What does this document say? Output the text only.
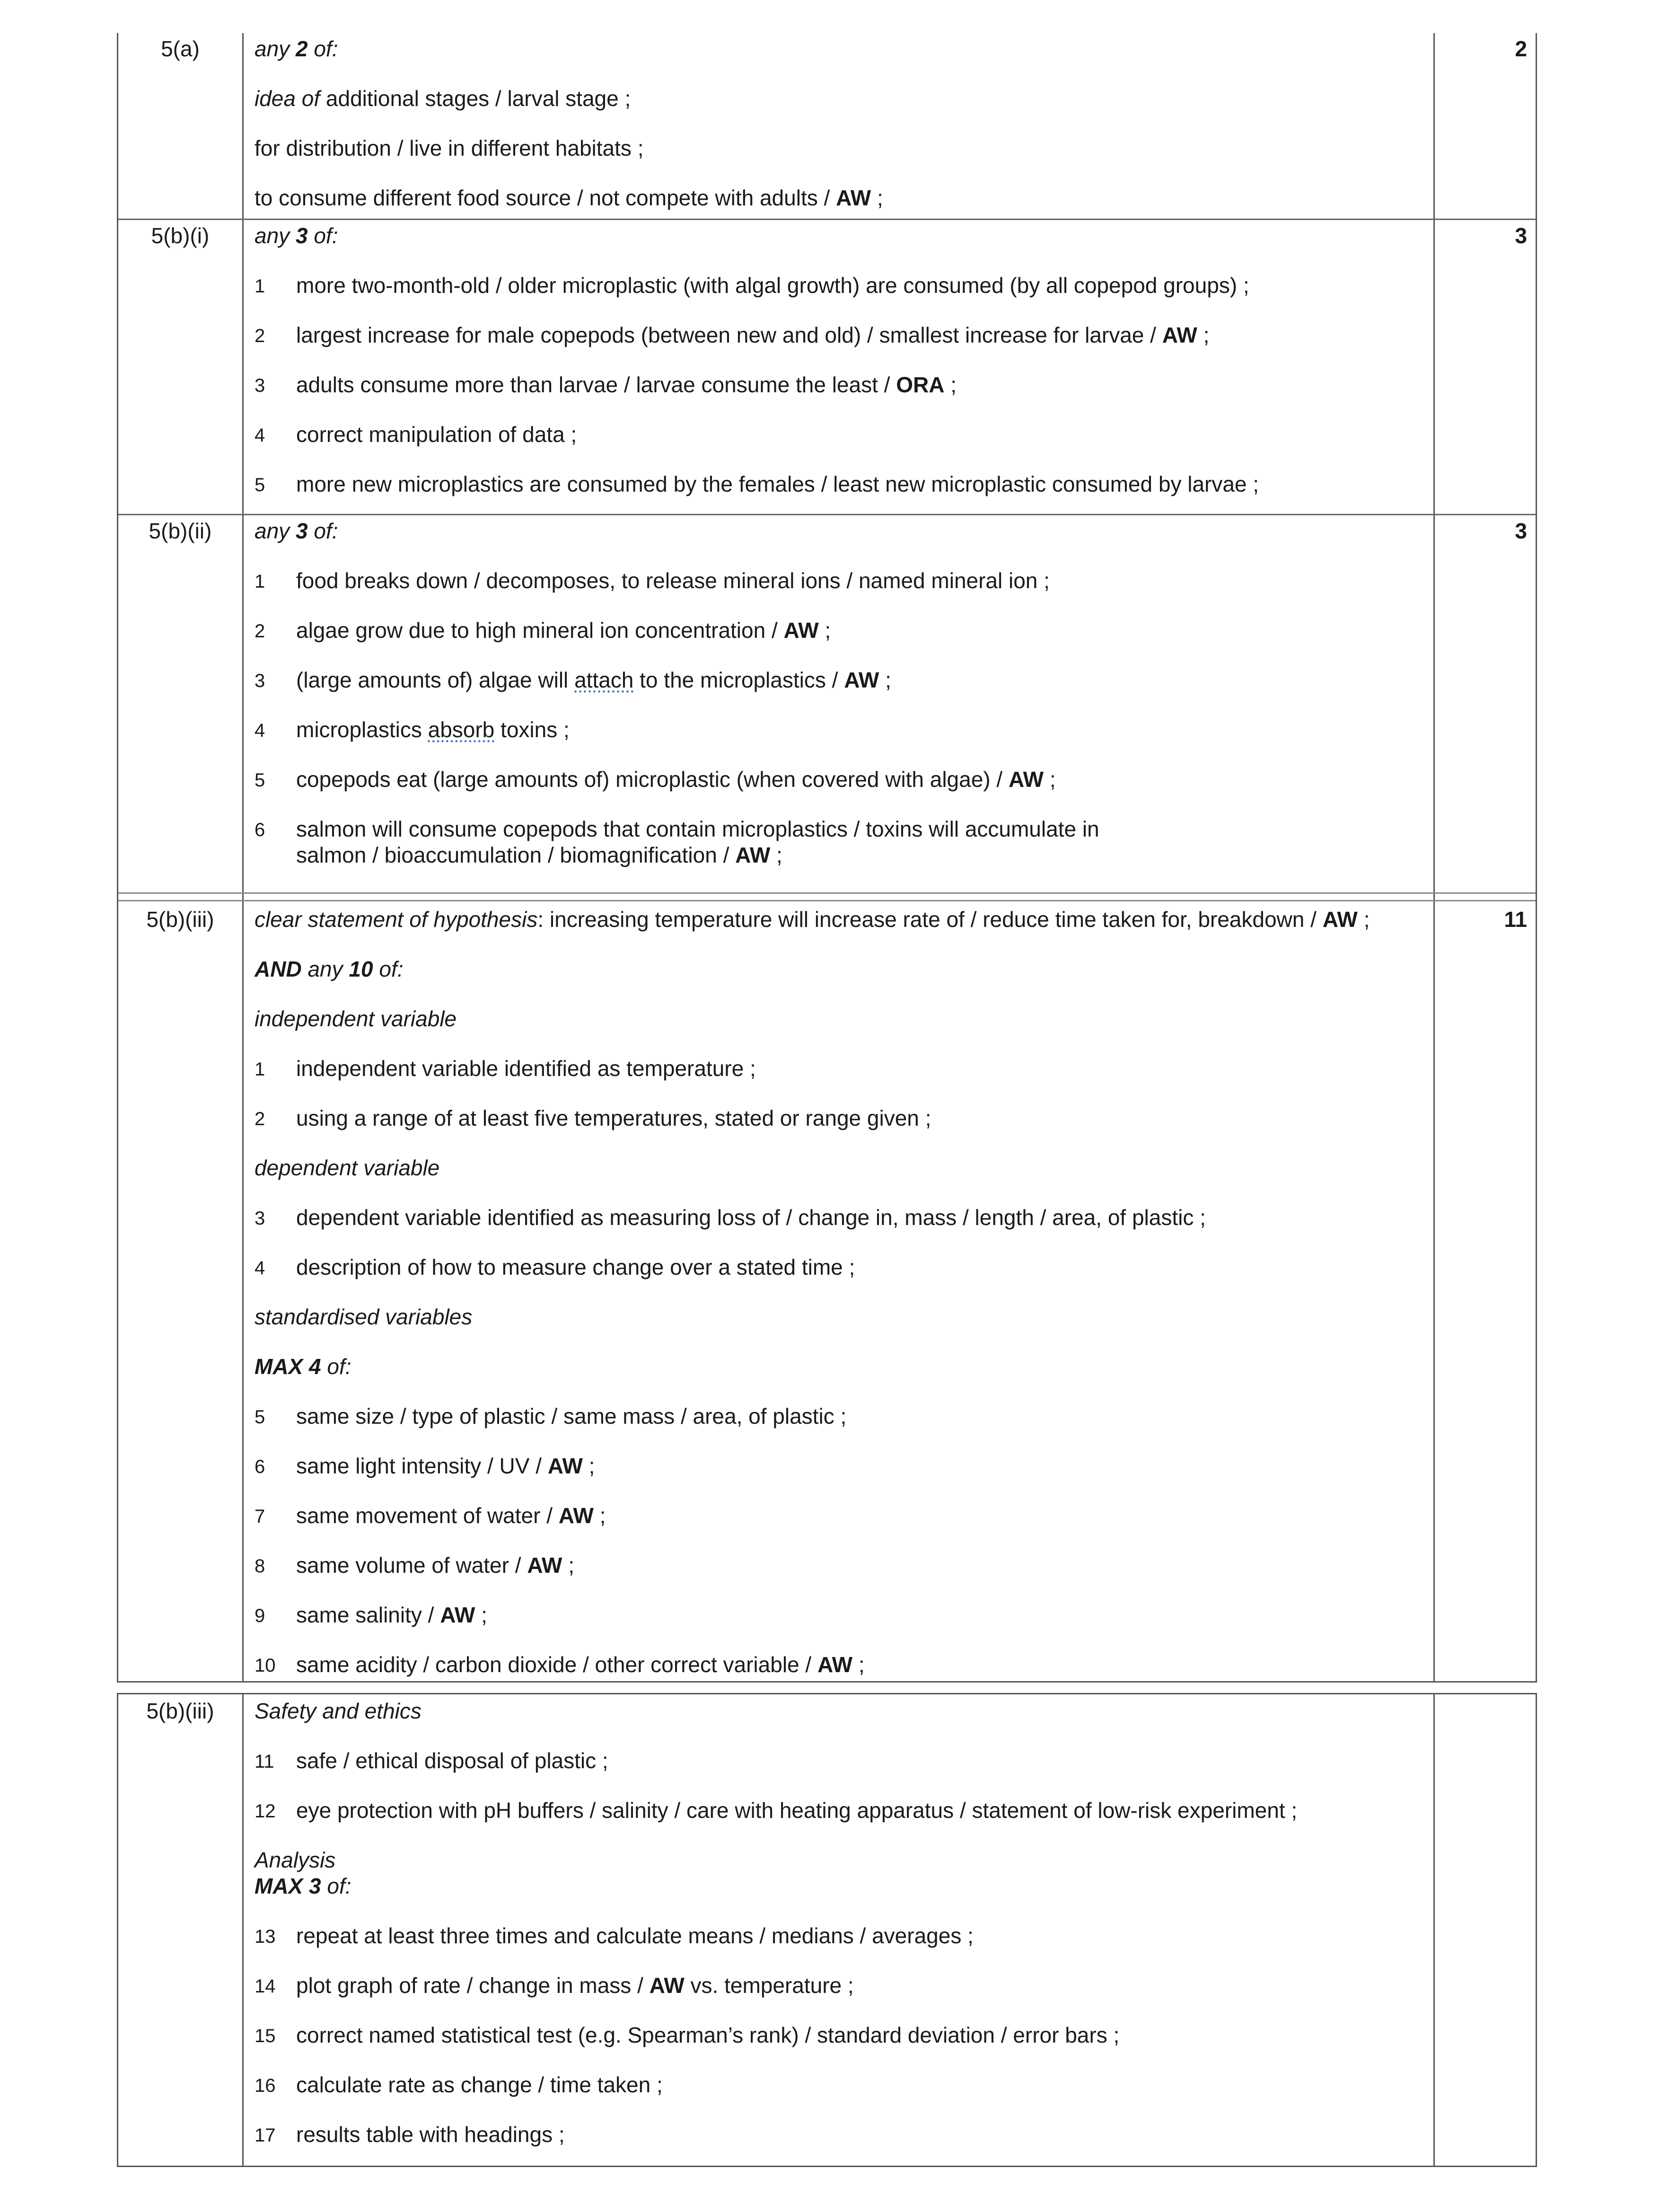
5(a)	2
any 2 of:
idea of additional stages / larval stage ;
for distribution / live in different habitats ;
to consume different food source / not compete with adults / AW ;
5(b)(i)	3
any 3 of:
1 more two-month-old / older microplastic (with algal growth) are consumed (by all copepod groups) ;
2 largest increase for male copepods (between new and old) / smallest increase for larvae / AW ;
3 adults consume more than larvae / larvae consume the least / ORA ;
4 correct manipulation of data ;
5 more new microplastics are consumed by the females / least new microplastic consumed by larvae ;
5(b)(ii)	3
any 3 of:
1 food breaks down / decomposes, to release mineral ions / named mineral ion ;
2 algae grow due to high mineral ion concentration / AW ;
3 (large amounts of) algae will attach to the microplastics / AW ;
4 microplastics absorb toxins ;
5 copepods eat (large amounts of) microplastic (when covered with algae) / AW ;
6 salmon will consume copepods that contain microplastics / toxins will accumulate in
salmon / bioaccumulation / biomagnification / AW ;
5(b)(iii)	11
clear statement of hypothesis: increasing temperature will increase rate of / reduce time taken for, breakdown / AW ;
AND any 10 of:
independent variable
1 independent variable identified as temperature ;
2 using a range of at least five temperatures, stated or range given ;
dependent variable
3 dependent variable identified as measuring loss of / change in, mass / length / area, of plastic ;
4 description of how to measure change over a stated time ;
standardised variables
MAX 4 of:
5 same size / type of plastic / same mass / area, of plastic ;
6 same light intensity / UV / AW ;
7 same movement of water / AW ;
8 same volume of water / AW ;
9 same salinity / AW ;
10 same acidity / carbon dioxide / other correct variable / AW ;
5(b)(iii)	Safety and ethics
11 safe / ethical disposal of plastic ;
12 eye protection with pH buffers / salinity / care with heating apparatus / statement of low-risk experiment ;
Analysis
MAX 3 of:
13 repeat at least three times and calculate means / medians / averages ;
14 plot graph of rate / change in mass / AW vs. temperature ;
15 correct named statistical test (e.g. Spearman’s rank) / standard deviation / error bars ;
16 calculate rate as change / time taken ;
17 results table with headings ;
